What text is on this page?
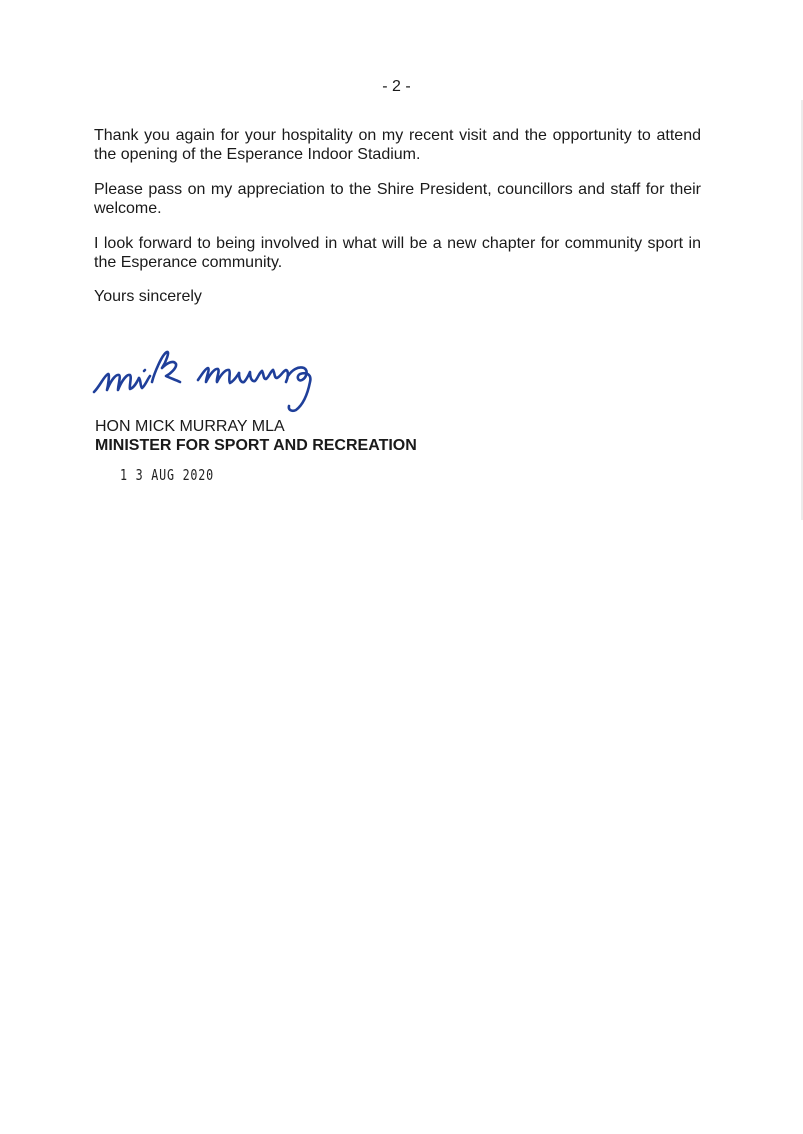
- 2 -

Thank you again for your hospitality on my recent visit and the opportunity to attend the opening of the Esperance Indoor Stadium.

Please pass on my appreciation to the Shire President, councillors and staff for their welcome.

I look forward to being involved in what will be a new chapter for community sport in the Esperance community.

Yours sincerely

HON MICK MURRAY MLA
MINISTER FOR SPORT AND RECREATION
1 3 AUG 2020
